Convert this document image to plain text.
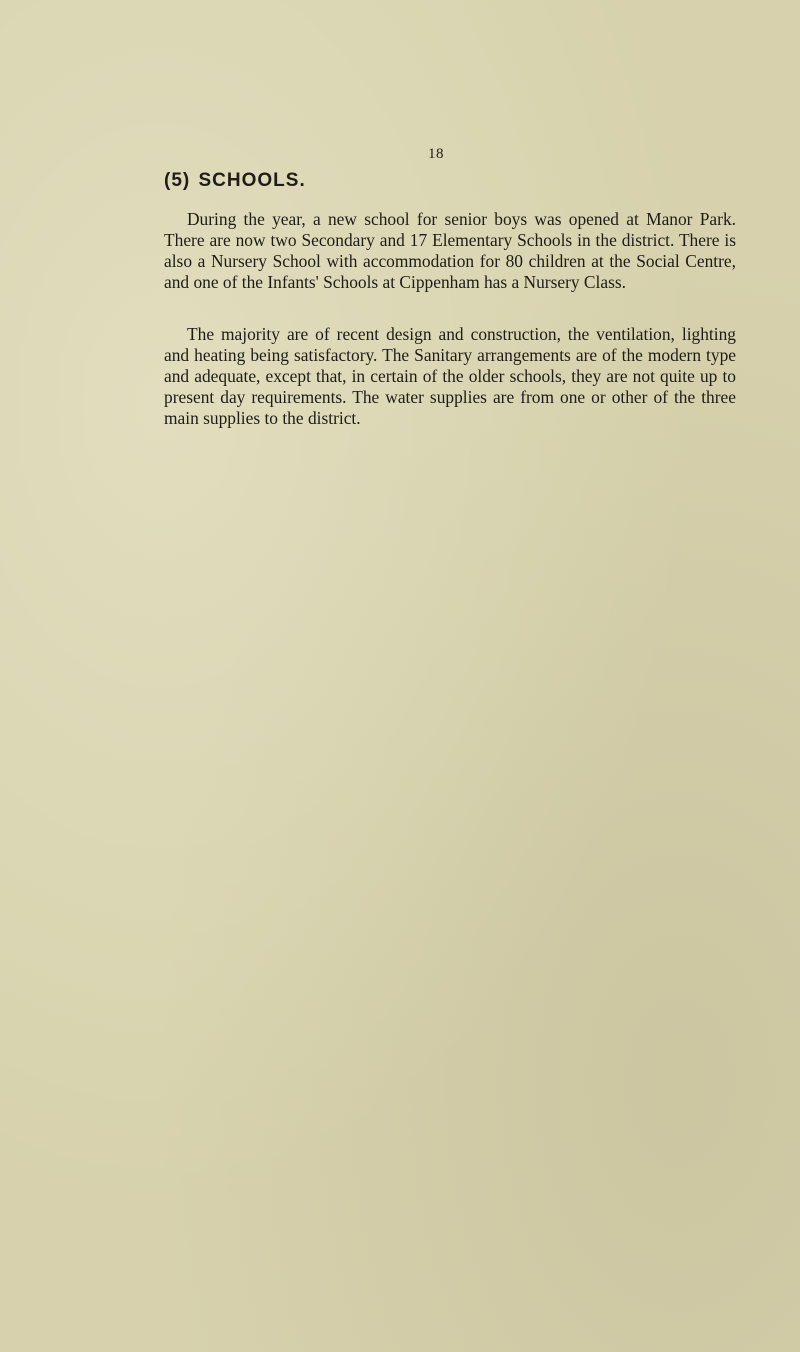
18
(5) SCHOOLS.

During the year, a new school for senior boys was opened at Manor Park. There are now two Secondary and 17 Elementary Schools in the district. There is also a Nursery School with accommodation for 80 children at the Social Centre, and one of the Infants' Schools at Cippenham has a Nursery Class.

The majority are of recent design and construction, the ventilation, lighting and heating being satisfactory. The Sanitary arrangements are of the modern type and adequate, except that, in certain of the older schools, they are not quite up to present day requirements. The water supplies are from one or other of the three main supplies to the district.
